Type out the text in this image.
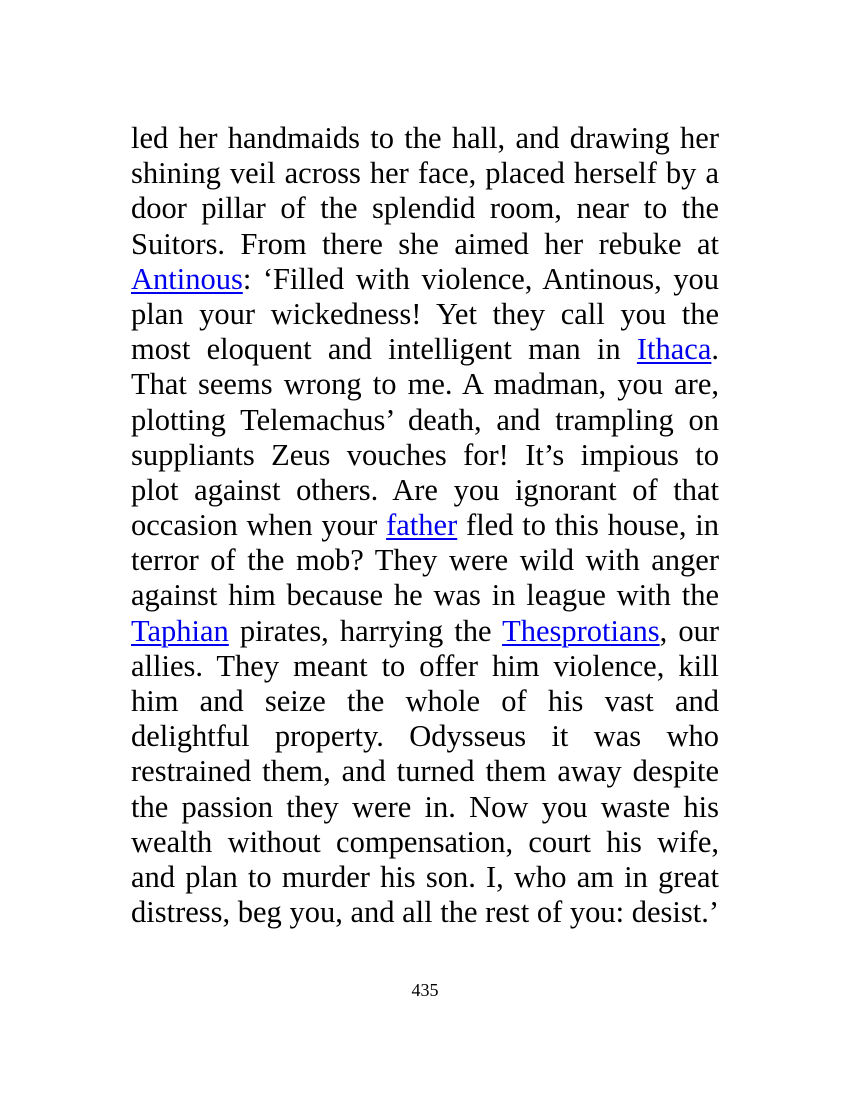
led her handmaids to the hall, and drawing her
shining veil across her face, placed herself by a
door pillar of the splendid room, near to the
Suitors. From there she aimed her rebuke at
Antinous: ‘Filled with violence, Antinous, you
plan your wickedness! Yet they call you the
most eloquent and intelligent man in Ithaca.
That seems wrong to me. A madman, you are,
plotting Telemachus’ death, and trampling on
suppliants Zeus vouches for! It’s impious to
plot against others. Are you ignorant of that
occasion when your father fled to this house, in
terror of the mob? They were wild with anger
against him because he was in league with the
Taphian pirates, harrying the Thesprotians, our
allies. They meant to offer him violence, kill
him and seize the whole of his vast and
delightful property. Odysseus it was who
restrained them, and turned them away despite
the passion they were in. Now you waste his
wealth without compensation, court his wife,
and plan to murder his son. I, who am in great
distress, beg you, and all the rest of you: desist.’
435
